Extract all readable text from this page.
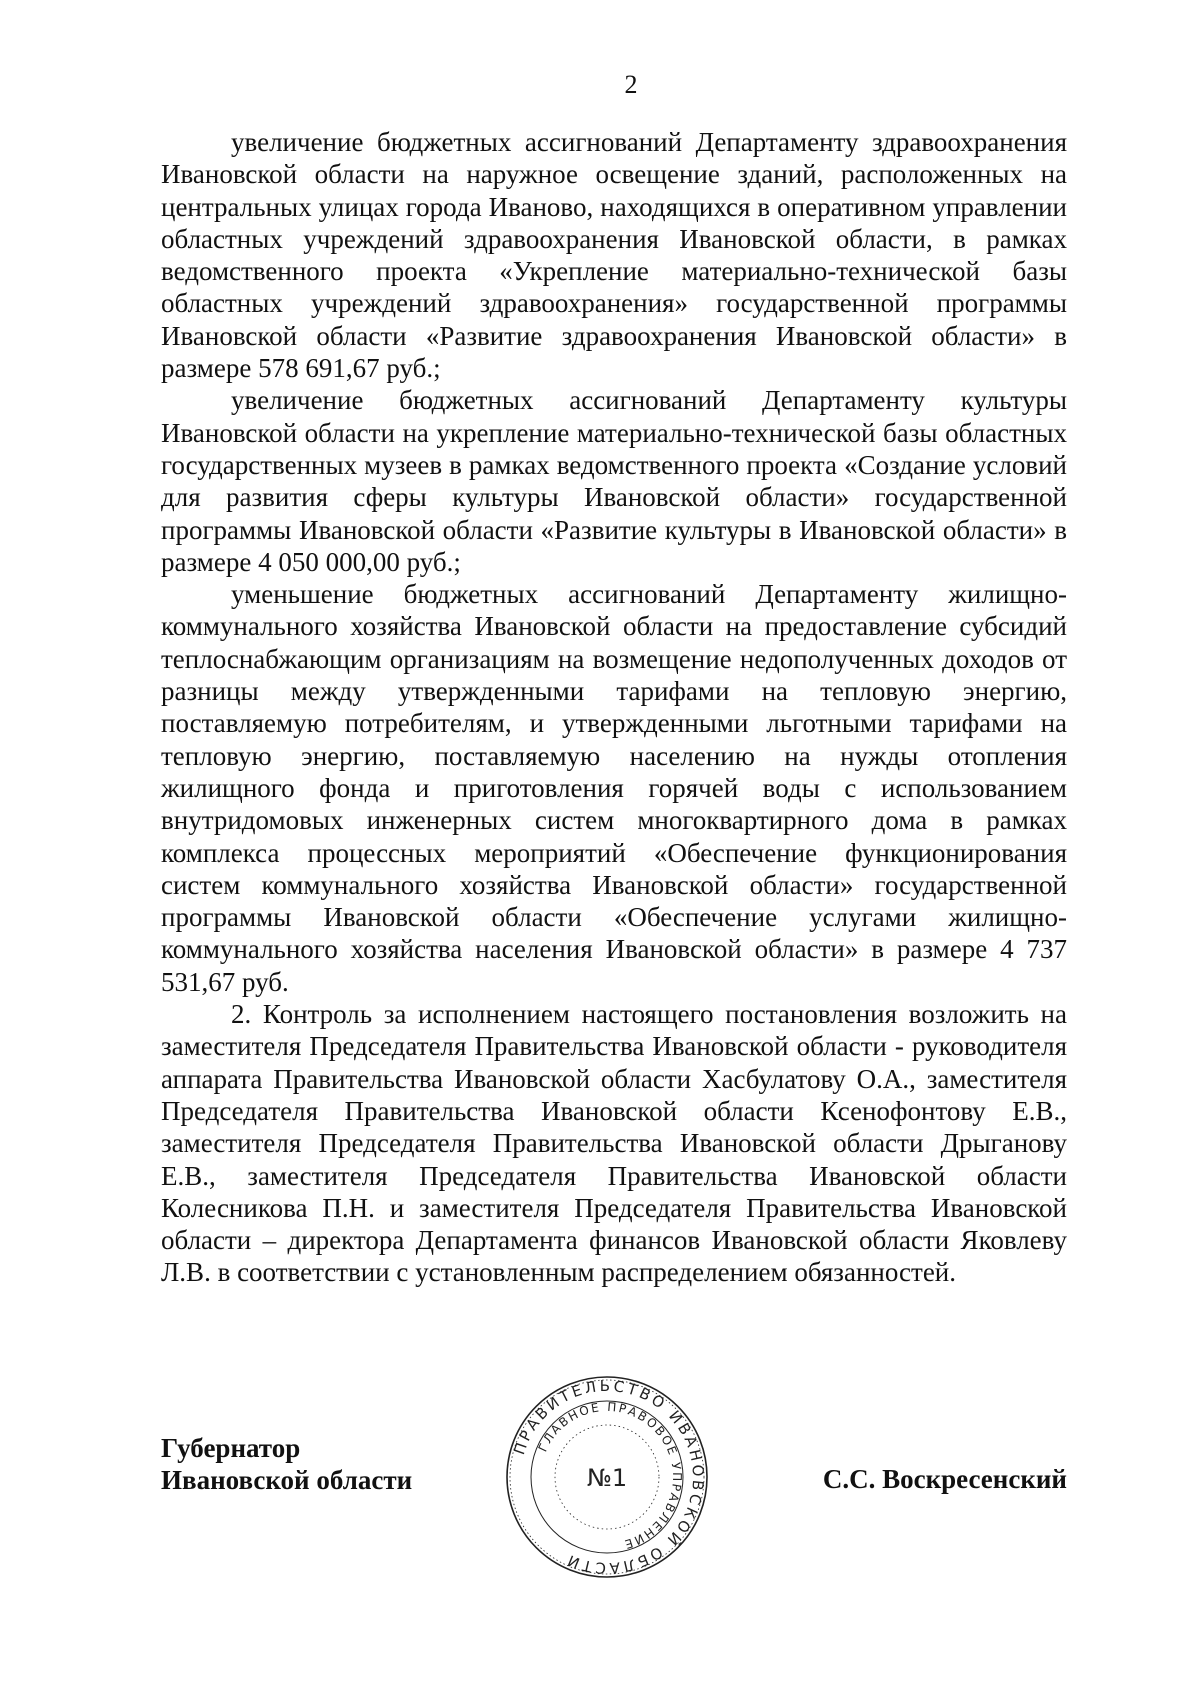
2

увеличение бюджетных ассигнований Департаменту здравоохранения Ивановской области на наружное освещение зданий, расположенных на центральных улицах города Иваново, находящихся в оперативном управлении областных учреждений здравоохранения Ивановской области, в рамках ведомственного проекта «Укрепление материально-технической базы областных учреждений здравоохранения» государственной программы Ивановской области «Развитие здравоохранения Ивановской области» в размере 578 691,67 руб.;

увеличение бюджетных ассигнований Департаменту культуры Ивановской области на укрепление материально-технической базы областных государственных музеев в рамках ведомственного проекта «Создание условий для развития сферы культуры Ивановской области» государственной программы Ивановской области «Развитие культуры в Ивановской области» в размере 4 050 000,00 руб.;

уменьшение бюджетных ассигнований Департаменту жилищно-коммунального хозяйства Ивановской области на предоставление субсидий теплоснабжающим организациям на возмещение недополученных доходов от разницы между утвержденными тарифами на тепловую энергию, поставляемую потребителям, и утвержденными льготными тарифами на тепловую энергию, поставляемую населению на нужды отопления жилищного фонда и приготовления горячей воды с использованием внутридомовых инженерных систем многоквартирного дома в рамках комплекса процессных мероприятий «Обеспечение функционирования систем коммунального хозяйства Ивановской области» государственной программы Ивановской области «Обеспечение услугами жилищно-коммунального хозяйства населения Ивановской области» в размере 4 737 531,67 руб.

2. Контроль за исполнением настоящего постановления возложить на заместителя Председателя Правительства Ивановской области - руководителя аппарата Правительства Ивановской области Хасбулатову О.А., заместителя Председателя Правительства Ивановской области Ксенофонтову Е.В., заместителя Председателя Правительства Ивановской области Дрыганову Е.В., заместителя Председателя Правительства Ивановской области Колесникова П.Н. и заместителя Председателя Правительства Ивановской области – директора Департамента финансов Ивановской области Яковлеву Л.В. в соответствии с установленным распределением обязанностей.

Губернатор
Ивановской области
ПРАВИТЕЛЬСТВО ИВАНОВСКОЙ ОБЛАСТИ
ГЛАВНОЕ ПРАВОВОЕ УПРАВЛЕНИЕ
№1	С.С. Воскресенский
